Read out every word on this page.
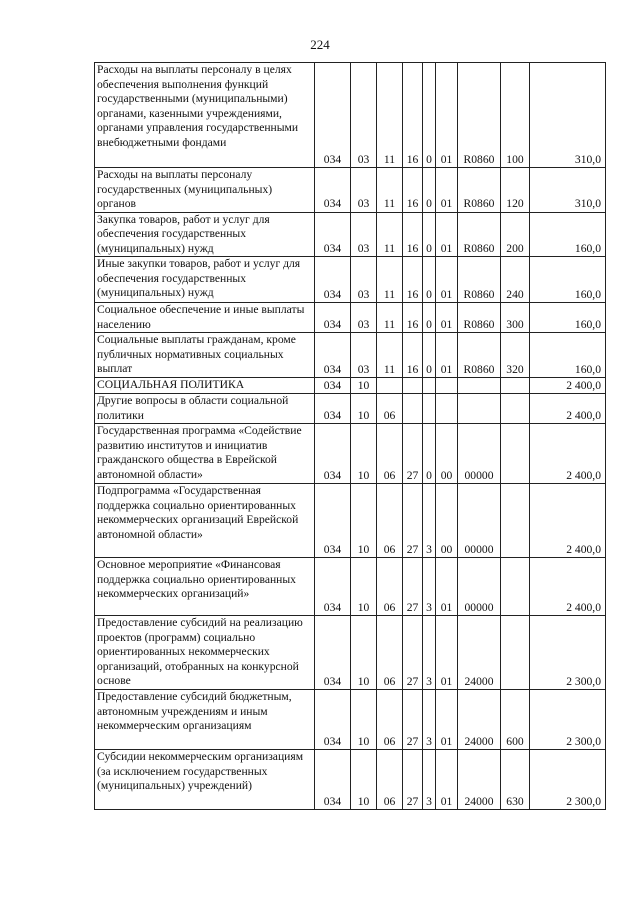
224
Расходы на выплаты персоналу в целях обеспечения выполнения функций государственными (муниципальными) органами, казенными учреждениями, органами управления государственными внебюджетными фондами	034	03	11	16	0	01	R0860	100	310,0

Расходы на выплаты персоналу государственных (муниципальных) органов	034	03	11	16	0	01	R0860	120	310,0

Закупка товаров, работ и услуг для обеспечения государственных (муниципальных) нужд	034	03	11	16	0	01	R0860	200	160,0

Иные закупки товаров, работ и услуг для обеспечения государственных (муниципальных) нужд	034	03	11	16	0	01	R0860	240	160,0

Социальное обеспечение и иные выплаты населению	034	03	11	16	0	01	R0860	300	160,0

Социальные выплаты гражданам, кроме публичных нормативных социальных выплат	034	03	11	16	0	01	R0860	320	160,0

СОЦИАЛЬНАЯ ПОЛИТИКА	034	10							2 400,0

Другие вопросы в области социальной политики	034	10	06						2 400,0

Государственная программа «Содействие развитию институтов и инициатив гражданского общества в Еврейской автономной области»	034	10	06	27	0	00	00000		2 400,0

Подпрограмма «Государственная поддержка социально ориентированных некоммерческих организаций Еврейской автономной области»	034	10	06	27	3	00	00000		2 400,0

Основное мероприятие «Финансовая поддержка социально ориентированных некоммерческих организаций»	034	10	06	27	3	01	00000		2 400,0

Предоставление субсидий на реализацию проектов (программ) социально ориентированных некоммерческих организаций, отобранных на конкурсной основе	034	10	06	27	3	01	24000		2 300,0

Предоставление субсидий бюджетным, автономным учреждениям и иным некоммерческим организациям	034	10	06	27	3	01	24000	600	2 300,0

Субсидии некоммерческим организациям (за исключением государственных (муниципальных) учреждений)	034	10	06	27	3	01	24000	630	2 300,0
